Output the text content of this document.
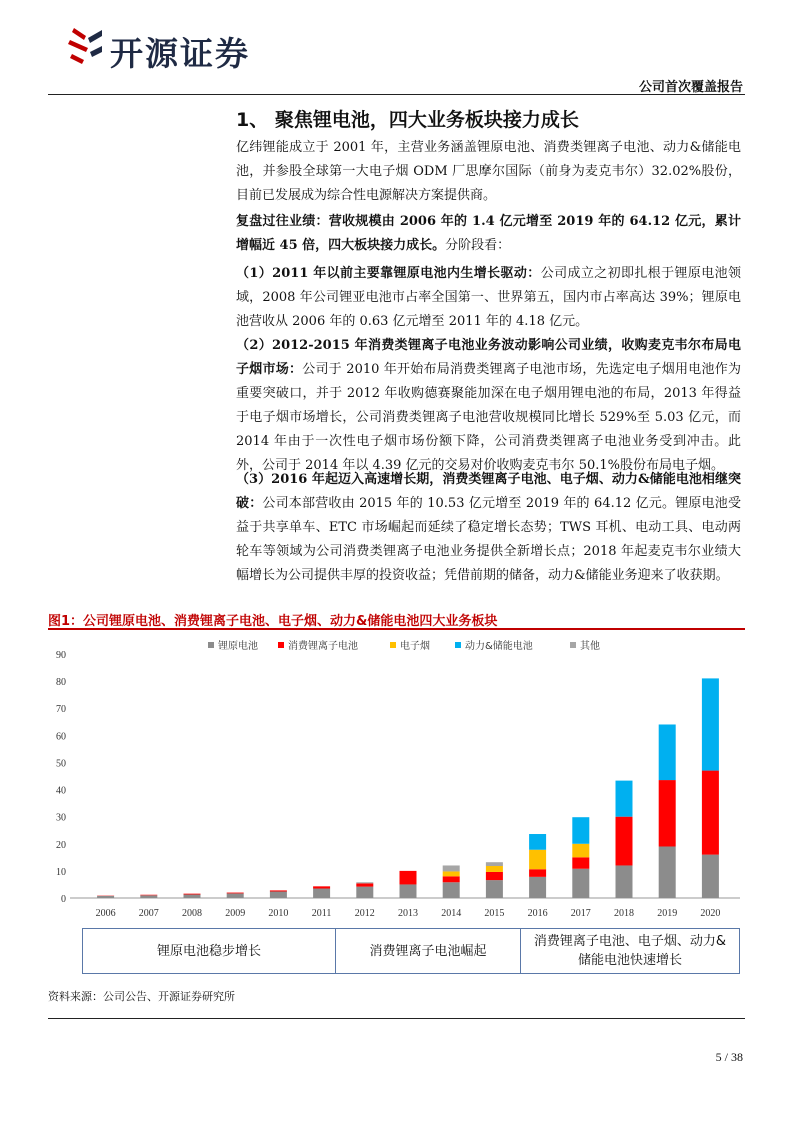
开源证券
公司首次覆盖报告
1、 聚焦锂电池，四大业务板块接力成长
亿纬锂能成立于 2001 年，主营业务涵盖锂原电池、消费类锂离子电池、动力&储能电池，并参股全球第一大电子烟 ODM 厂思摩尔国际（前身为麦克韦尔）32.02%股份，目前已发展成为综合性电源解决方案提供商。
复盘过往业绩：营收规模由 2006 年的 1.4 亿元增至 2019 年的 64.12 亿元，累计增幅近 45 倍，四大板块接力成长。分阶段看：
（1）2011 年以前主要靠锂原电池内生增长驱动：公司成立之初即扎根于锂原电池领域，2008 年公司锂亚电池市占率全国第一、世界第五，国内市占率高达 39%；锂原电池营收从 2006 年的 0.63 亿元增至 2011 年的 4.18 亿元。
（2）2012-2015 年消费类锂离子电池业务波动影响公司业绩，收购麦克韦尔布局电子烟市场：公司于 2010 年开始布局消费类锂离子电池市场，先选定电子烟用电池作为重要突破口，并于 2012 年收购德赛聚能加深在电子烟用锂电池的布局，2013 年得益于电子烟市场增长，公司消费类锂离子电池营收规模同比增长 529%至 5.03 亿元，而 2014 年由于一次性电子烟市场份额下降，公司消费类锂离子电池业务受到冲击。此外，公司于 2014 年以 4.39 亿元的交易对价收购麦克韦尔 50.1%股份布局电子烟。
（3）2016 年起迈入高速增长期，消费类锂离子电池、电子烟、动力&储能电池相继突破：公司本部营收由 2015 年的 10.53 亿元增至 2019 年的 64.12 亿元。锂原电池受益于共享单车、ETC 市场崛起而延续了稳定增长态势；TWS 耳机、电动工具、电动两轮车等领域为公司消费类锂离子电池业务提供全新增长点；2018 年起麦克韦尔业绩大幅增长为公司提供丰厚的投资收益；凭借前期的储备，动力&储能业务迎来了收获期。
图1：公司锂原电池、消费锂离子电池、电子烟、动力&储能电池四大业务板块
锂原电池	消费锂离子电池	电子烟	动力&储能电池	其他
0
10
20
30
40
50
60
70
80
90
2006 2007 2008 2009 2010 2011 2012 2013 2014 2015 2016 2017 2018 2019 2020
锂原电池稳步增长	消费锂离子电池崛起
消费锂离子电池、电子烟、动力&储能电池快速增长
资料来源：公司公告、开源证券研究所
5 / 38
